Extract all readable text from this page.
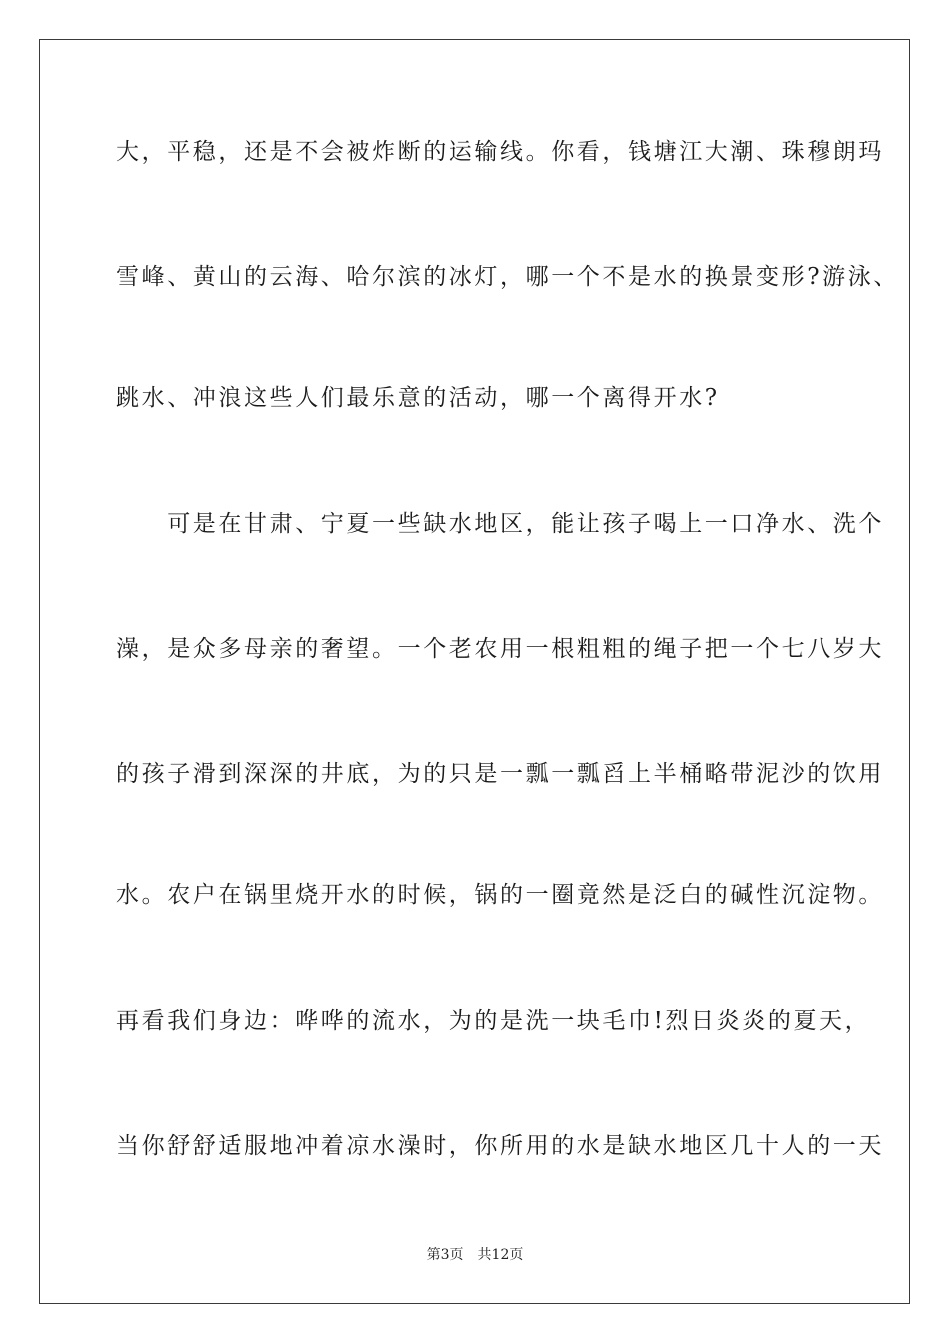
大，平稳，还是不会被炸断的运输线。你看，钱塘江大潮、珠穆朗玛
雪峰、黄山的云海、哈尔滨的冰灯，哪一个不是水的换景变形?游泳、
跳水、冲浪这些人们最乐意的活动，哪一个离得开水?
　　可是在甘肃、宁夏一些缺水地区，能让孩子喝上一口净水、洗个
澡，是众多母亲的奢望。一个老农用一根粗粗的绳子把一个七八岁大
的孩子滑到深深的井底，为的只是一瓢一瓢舀上半桶略带泥沙的饮用
水。农户在锅里烧开水的时候，锅的一圈竟然是泛白的碱性沉淀物。
再看我们身边：哗哗的流水，为的是洗一块毛巾!烈日炎炎的夏天，
当你舒舒适服地冲着凉水澡时，你所用的水是缺水地区几十人的一天
第3页 共12页
